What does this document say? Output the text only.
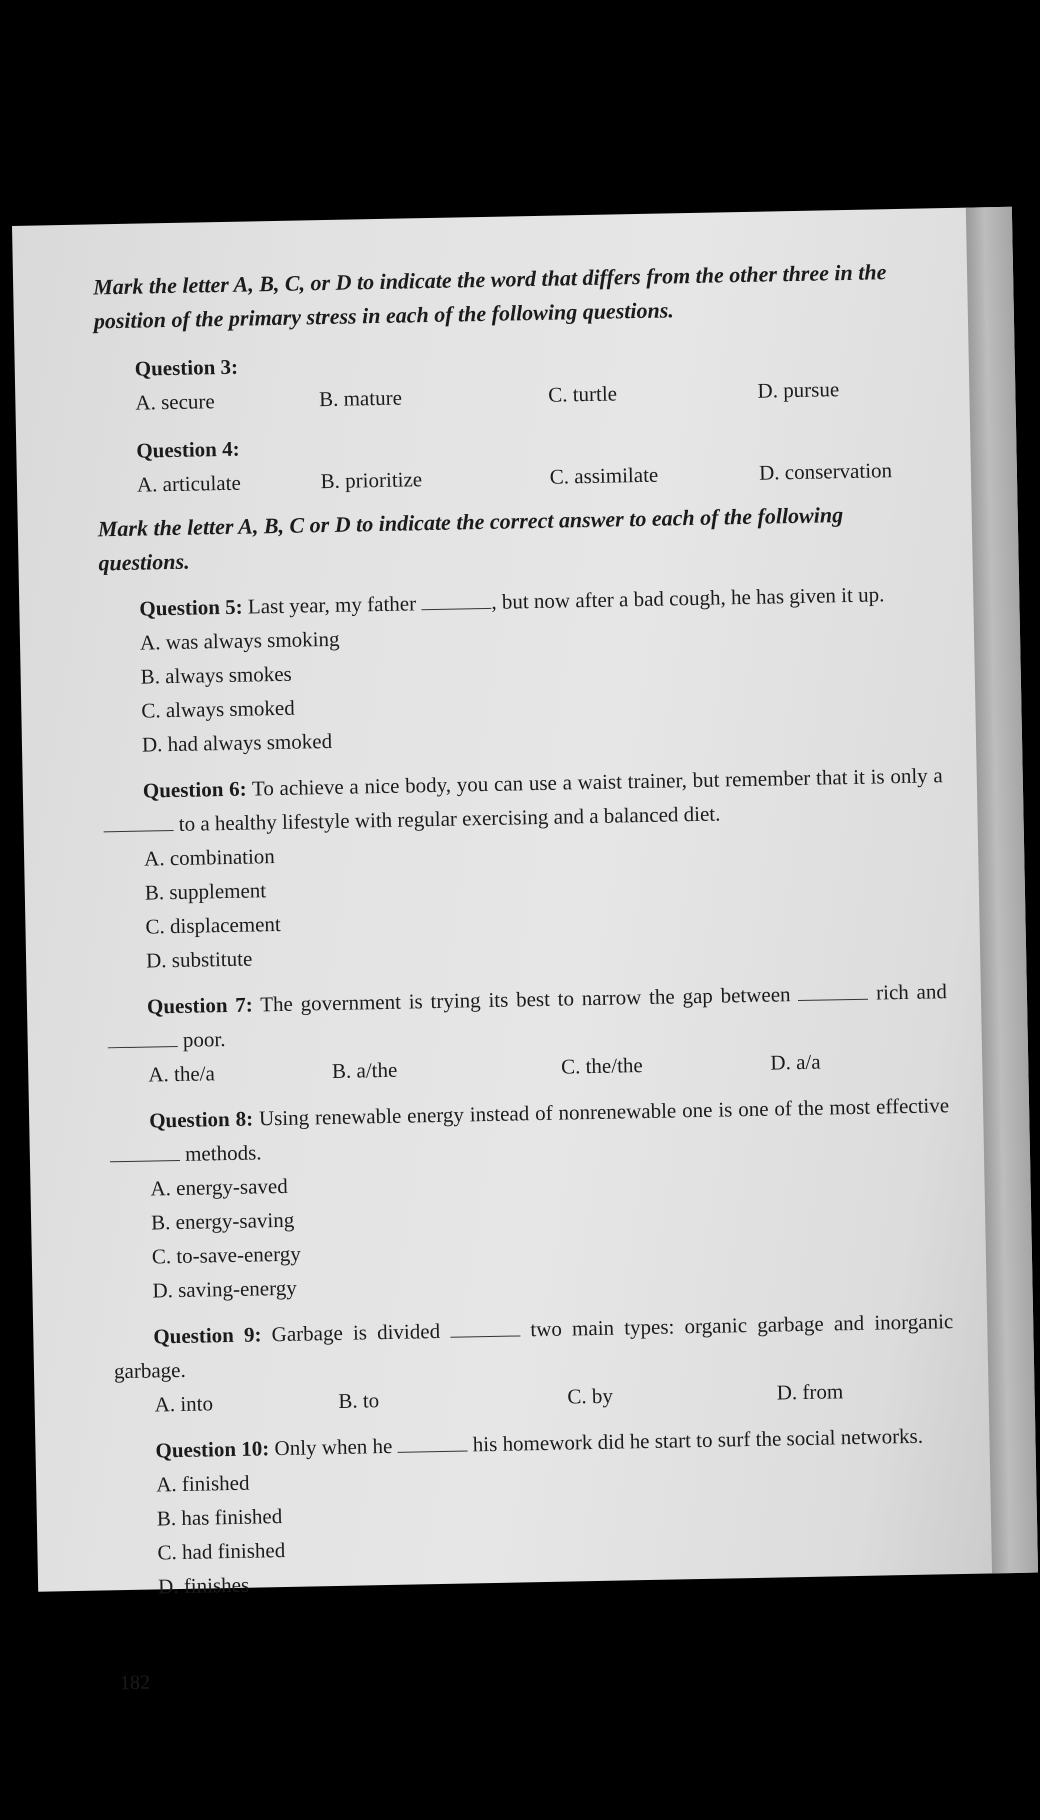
Mark the letter A, B, C, or D to indicate the word that differs from the other three in the position of the primary stress in each of the following questions.

Question 3:
A. secure	B. mature	C. turtle	D. pursue
Question 4:
A. articulate	B. prioritize	C. assimilate	D. conservation

Mark the letter A, B, C or D to indicate the correct answer to each of the following questions.

Question 5: Last year, my father	, but now after a bad cough, he has given it up.
A. was always smoking
B. always smokes
C. always smoked
D. had always smoked
Question 6: To achieve a nice body, you can use a waist trainer, but remember that it is only a  to a healthy lifestyle with regular exercising and a balanced diet.
A. combination
B. supplement
C. displacement
D. substitute
Question 7: The government is trying its best to narrow the gap between	rich and  poor.
A. the/a	B. a/the	C. the/the	D. a/a
Question 8: Using renewable energy instead of nonrenewable one is one of the most effective  methods.
A. energy-saved
B. energy-saving
C. to-save-energy
D. saving-energy
Question 9: Garbage is divided	two main types: organic garbage and inorganic garbage.
A. into	B. to	C. by	D. from
Question 10: Only when he	his homework did he start to surf the social networks.
A. finished
B. has finished
C. had finished
D. finishes
182
